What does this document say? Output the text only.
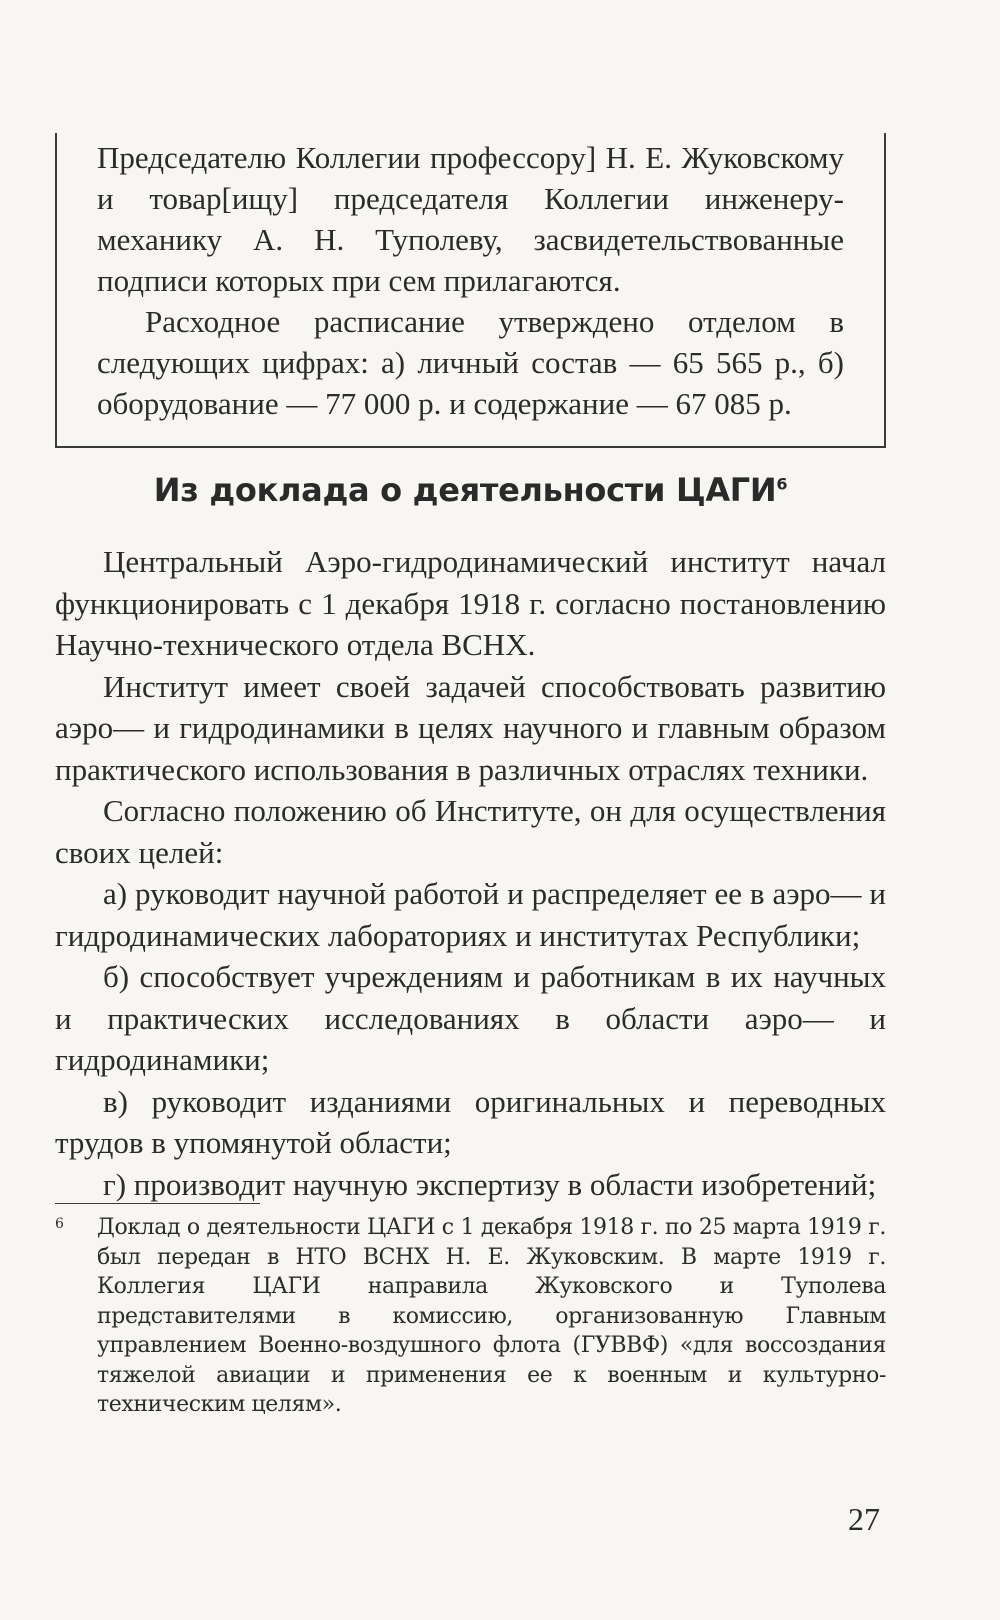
Председателю Коллегии профессору] Н. Е. Жуковскому и товар[ищу] председателя Коллегии инженеру-механику А. Н. Туполеву, засвидетельствованные подписи которых при сем прилагаются.

Расходное расписание утверждено отделом в следующих цифрах: а) личный состав — 65 565 р., б) оборудование — 77 000 р. и содержание — 67 085 р.

Из доклада о деятельности ЦАГИ$^6$

Центральный Аэро-гидродинамический институт начал функционировать с 1 декабря 1918 г. согласно постановлению Научно-технического отдела ВСНХ.

Институт имеет своей задачей способствовать развитию аэро— и гидродинамики в целях научного и главным образом практического использования в различных отраслях техники.

Согласно положению об Институте, он для осуществления своих целей:

а) руководит научной работой и распределяет ее в аэро— и гидродинамических лабораториях и институтах Республики;

б) способствует учреждениям и работникам в их научных и практических исследованиях в области аэро— и гидродинамики;

в) руководит изданиями оригинальных и переводных трудов в упомянутой области;

г) производит научную экспертизу в области изобретений;

6 Доклад о деятельности ЦАГИ с 1 декабря 1918 г. по 25 марта 1919 г. был передан в НТО ВСНХ Н. Е. Жуковским. В марте 1919 г. Коллегия ЦАГИ направила Жуковского и Туполева представителями в комиссию, организованную Главным управлением Военно-воздушного флота (ГУВВФ) «для воссоздания тяжелой авиации и применения ее к военным и культурно-техническим целям».
27
